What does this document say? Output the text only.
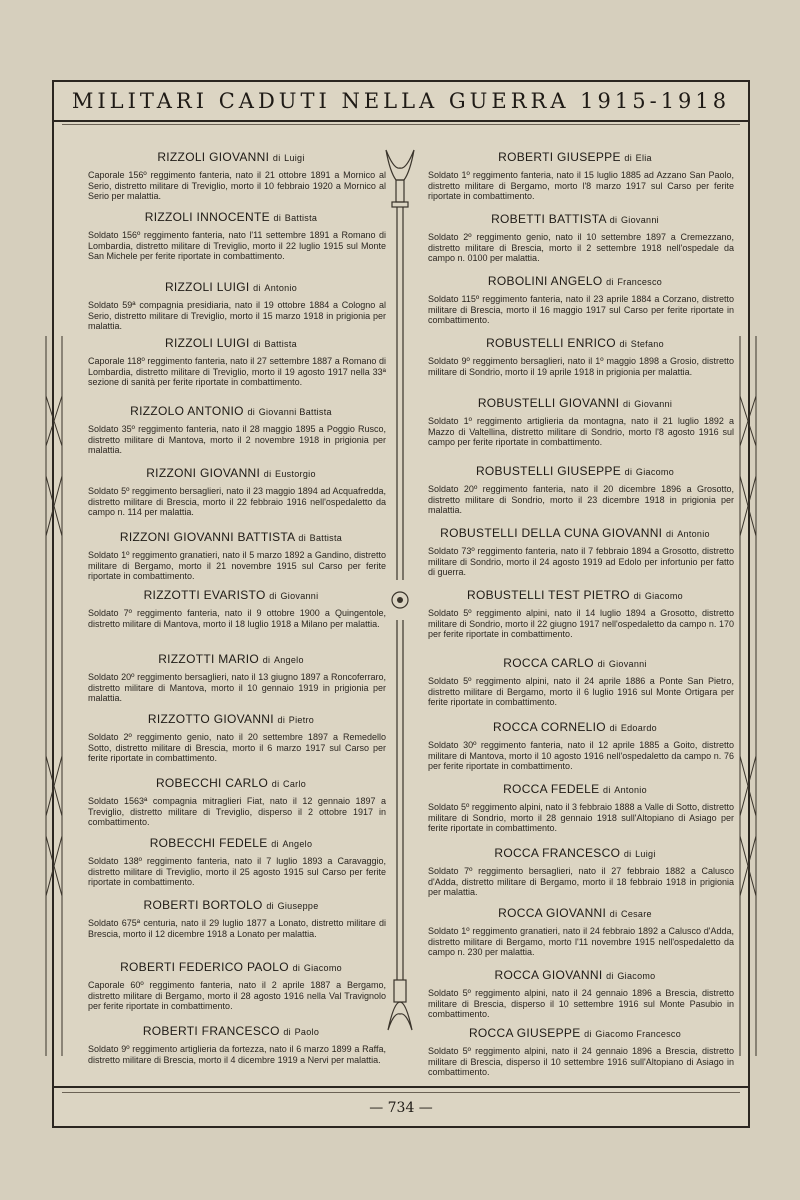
MILITARI CADUTI NELLA GUERRA 1915-1918
RIZZOLI GIOVANNI di Luigi
Caporale 156º reggimento fanteria, nato il 21 ottobre 1891 a Mornico al Serio, distretto militare di Treviglio, morto il 10 febbraio 1920 a Mornico al Serio per malattia.
RIZZOLI INNOCENTE di Battista
Soldato 156º reggimento fanteria, nato l'11 settembre 1891 a Romano di Lombardia, distretto militare di Treviglio, morto il 22 luglio 1915 sul Monte San Michele per ferite riportate in combattimento.
RIZZOLI LUIGI di Antonio
Soldato 59ª compagnia presidiaria, nato il 19 ottobre 1884 a Cologno al Serio, distretto militare di Treviglio, morto il 15 marzo 1918 in prigionia per malattia.
RIZZOLI LUIGI di Battista
Caporale 118º reggimento fanteria, nato il 27 settembre 1887 a Romano di Lombardia, distretto militare di Treviglio, morto il 19 agosto 1917 nella 33ª sezione di sanità per ferite riportate in combattimento.
RIZZOLO ANTONIO di Giovanni Battista
Soldato 35º reggimento fanteria, nato il 28 maggio 1895 a Poggio Rusco, distretto militare di Mantova, morto il 2 novembre 1918 in prigionia per malattia.
RIZZONI GIOVANNI di Eustorgio
Soldato 5º reggimento bersaglieri, nato il 23 maggio 1894 ad Acquafredda, distretto militare di Brescia, morto il 22 febbraio 1916 nell'ospedaletto da campo n. 114 per malattia.
RIZZONI GIOVANNI BATTISTA di Battista
Soldato 1º reggimento granatieri, nato il 5 marzo 1892 a Gandino, distretto militare di Bergamo, morto il 21 novembre 1915 sul Carso per ferite riportate in combattimento.
RIZZOTTI EVARISTO di Giovanni
Soldato 7º reggimento fanteria, nato il 9 ottobre 1900 a Quingentole, distretto militare di Mantova, morto il 18 luglio 1918 a Milano per malattia.
RIZZOTTI MARIO di Angelo
Soldato 20º reggimento bersaglieri, nato il 13 giugno 1897 a Roncoferraro, distretto militare di Mantova, morto il 10 gennaio 1919 in prigionia per malattia.
RIZZOTTO GIOVANNI di Pietro
Soldato 2º reggimento genio, nato il 20 settembre 1897 a Remedello Sotto, distretto militare di Brescia, morto il 6 marzo 1917 sul Carso per ferite riportate in combattimento.
ROBECCHI CARLO di Carlo
Soldato 1563ª compagnia mitraglieri Fiat, nato il 12 gennaio 1897 a Treviglio, distretto militare di Treviglio, disperso il 2 ottobre 1917 in combattimento.
ROBECCHI FEDELE di Angelo
Soldato 138º reggimento fanteria, nato il 7 luglio 1893 a Caravaggio, distretto militare di Treviglio, morto il 25 agosto 1915 sul Carso per ferite riportate in combattimento.
ROBERTI BORTOLO di Giuseppe
Soldato 675ª centuria, nato il 29 luglio 1877 a Lonato, distretto militare di Brescia, morto il 12 dicembre 1918 a Lonato per malattia.
ROBERTI FEDERICO PAOLO di Giacomo
Caporale 60º reggimento fanteria, nato il 2 aprile 1887 a Bergamo, distretto militare di Bergamo, morto il 28 agosto 1916 nella Val Travignolo per ferite riportate in combattimento.
ROBERTI FRANCESCO di Paolo
Soldato 9º reggimento artiglieria da fortezza, nato il 6 marzo 1899 a Raffa, distretto militare di Brescia, morto il 4 dicembre 1919 a Nervi per malattia.
ROBERTI GIUSEPPE di Elia
Soldato 1º reggimento fanteria, nato il 15 luglio 1885 ad Azzano San Paolo, distretto militare di Bergamo, morto l'8 marzo 1917 sul Carso per ferite riportate in combattimento.
ROBETTI BATTISTA di Giovanni
Soldato 2º reggimento genio, nato il 10 settembre 1897 a Cremezzano, distretto militare di Brescia, morto il 2 settembre 1918 nell'ospedale da campo n. 0100 per malattia.
ROBOLINI ANGELO di Francesco
Soldato 115º reggimento fanteria, nato il 23 aprile 1884 a Corzano, distretto militare di Brescia, morto il 16 maggio 1917 sul Carso per ferite riportate in combattimento.
ROBUSTELLI ENRICO di Stefano
Soldato 9º reggimento bersaglieri, nato il 1º maggio 1898 a Grosio, distretto militare di Sondrio, morto il 19 aprile 1918 in prigionia per malattia.
ROBUSTELLI GIOVANNI di Giovanni
Soldato 1º reggimento artiglieria da montagna, nato il 21 luglio 1892 a Mazzo di Valtellina, distretto militare di Sondrio, morto l'8 agosto 1916 sul campo per ferite riportate in combattimento.
ROBUSTELLI GIUSEPPE di Giacomo
Soldato 20º reggimento fanteria, nato il 20 dicembre 1896 a Grosotto, distretto militare di Sondrio, morto il 23 dicembre 1918 in prigionia per malattia.
ROBUSTELLI DELLA CUNA GIOVANNI di Antonio
Soldato 73º reggimento fanteria, nato il 7 febbraio 1894 a Grosotto, distretto militare di Sondrio, morto il 24 agosto 1919 ad Edolo per infortunio per fatto di guerra.
ROBUSTELLI TEST PIETRO di Giacomo
Soldato 5º reggimento alpini, nato il 14 luglio 1894 a Grosotto, distretto militare di Sondrio, morto il 22 giugno 1917 nell'ospedaletto da campo n. 170 per ferite riportate in combattimento.
ROCCA CARLO di Giovanni
Soldato 5º reggimento alpini, nato il 24 aprile 1886 a Ponte San Pietro, distretto militare di Bergamo, morto il 6 luglio 1916 sul Monte Ortigara per ferite riportate in combattimento.
ROCCA CORNELIO di Edoardo
Soldato 30º reggimento fanteria, nato il 12 aprile 1885 a Goito, distretto militare di Mantova, morto il 10 agosto 1916 nell'ospedaletto da campo n. 76 per ferite riportate in combattimento.
ROCCA FEDELE di Antonio
Soldato 5º reggimento alpini, nato il 3 febbraio 1888 a Valle di Sotto, distretto militare di Sondrio, morto il 28 gennaio 1918 sull'Altopiano di Asiago per ferite riportate in combattimento.
ROCCA FRANCESCO di Luigi
Soldato 7º reggimento bersaglieri, nato il 27 febbraio 1882 a Calusco d'Adda, distretto militare di Bergamo, morto il 18 febbraio 1918 in prigionia per malattia.
ROCCA GIOVANNI di Cesare
Soldato 1º reggimento granatieri, nato il 24 febbraio 1892 a Calusco d'Adda, distretto militare di Bergamo, morto l'11 novembre 1915 nell'ospedaletto da campo n. 230 per malattia.
ROCCA GIOVANNI di Giacomo
Soldato 5º reggimento alpini, nato il 24 gennaio 1896 a Brescia, distretto militare di Brescia, disperso il 10 settembre 1916 sul Monte Pasubio in combattimento.
ROCCA GIUSEPPE di Giacomo Francesco
Soldato 5º reggimento alpini, nato il 24 gennaio 1896 a Brescia, distretto militare di Brescia, disperso il 10 settembre 1916 sull'Altopiano di Asiago in combattimento.
— 734 —
